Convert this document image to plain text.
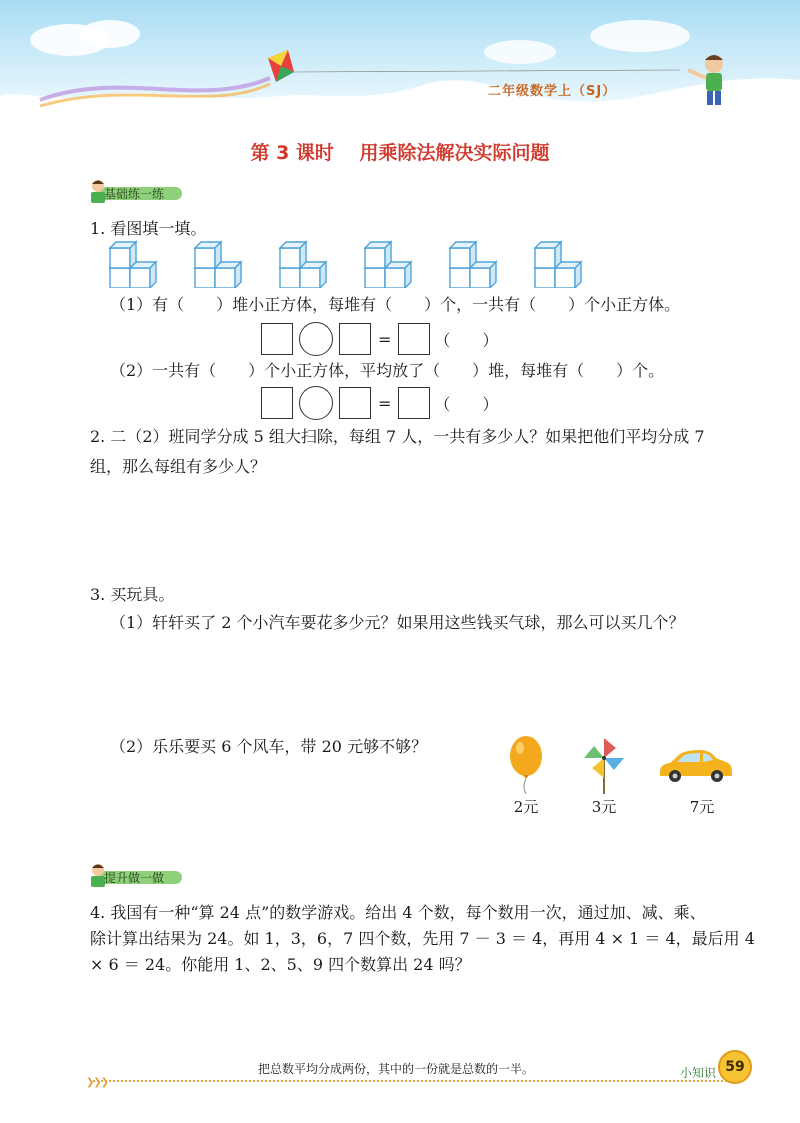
二年级数学上（SJ）
第 3 课时　 用乘除法解决实际问题
基础练一练
1. 看图填一填。
（1）有（　　）堆小正方体，每堆有（　　）个，一共有（　　）个小正方体。
=	（　　）
（2）一共有（　　）个小正方体，平均放了（　　）堆，每堆有（　　）个。
=	（　　）
2. 二（2）班同学分成 5 组大扫除，每组 7 人，一共有多少人？如果把他们平均分成 7
组，那么每组有多少人？
3. 买玩具。
（1）轩轩买了 2 个小汽车要花多少元？如果用这些钱买气球，那么可以买几个？
（2）乐乐要买 6 个风车，带 20 元够不够？
2元	3元	7元
提升做一做
4. 我国有一种“算 24 点”的数学游戏。给出 4 个数，每个数用一次，通过加、减、乘、
除计算出结果为 24。如 1，3，6，7 四个数，先用 7 － 3 ＝ 4，再用 4 × 1 ＝ 4，最后用 4
× 6 ＝ 24。你能用 1、2、5、9 四个数算出 24 吗？
把总数平均分成两份，其中的一份就是总数的一半。
❯❯❯
小知识 59
